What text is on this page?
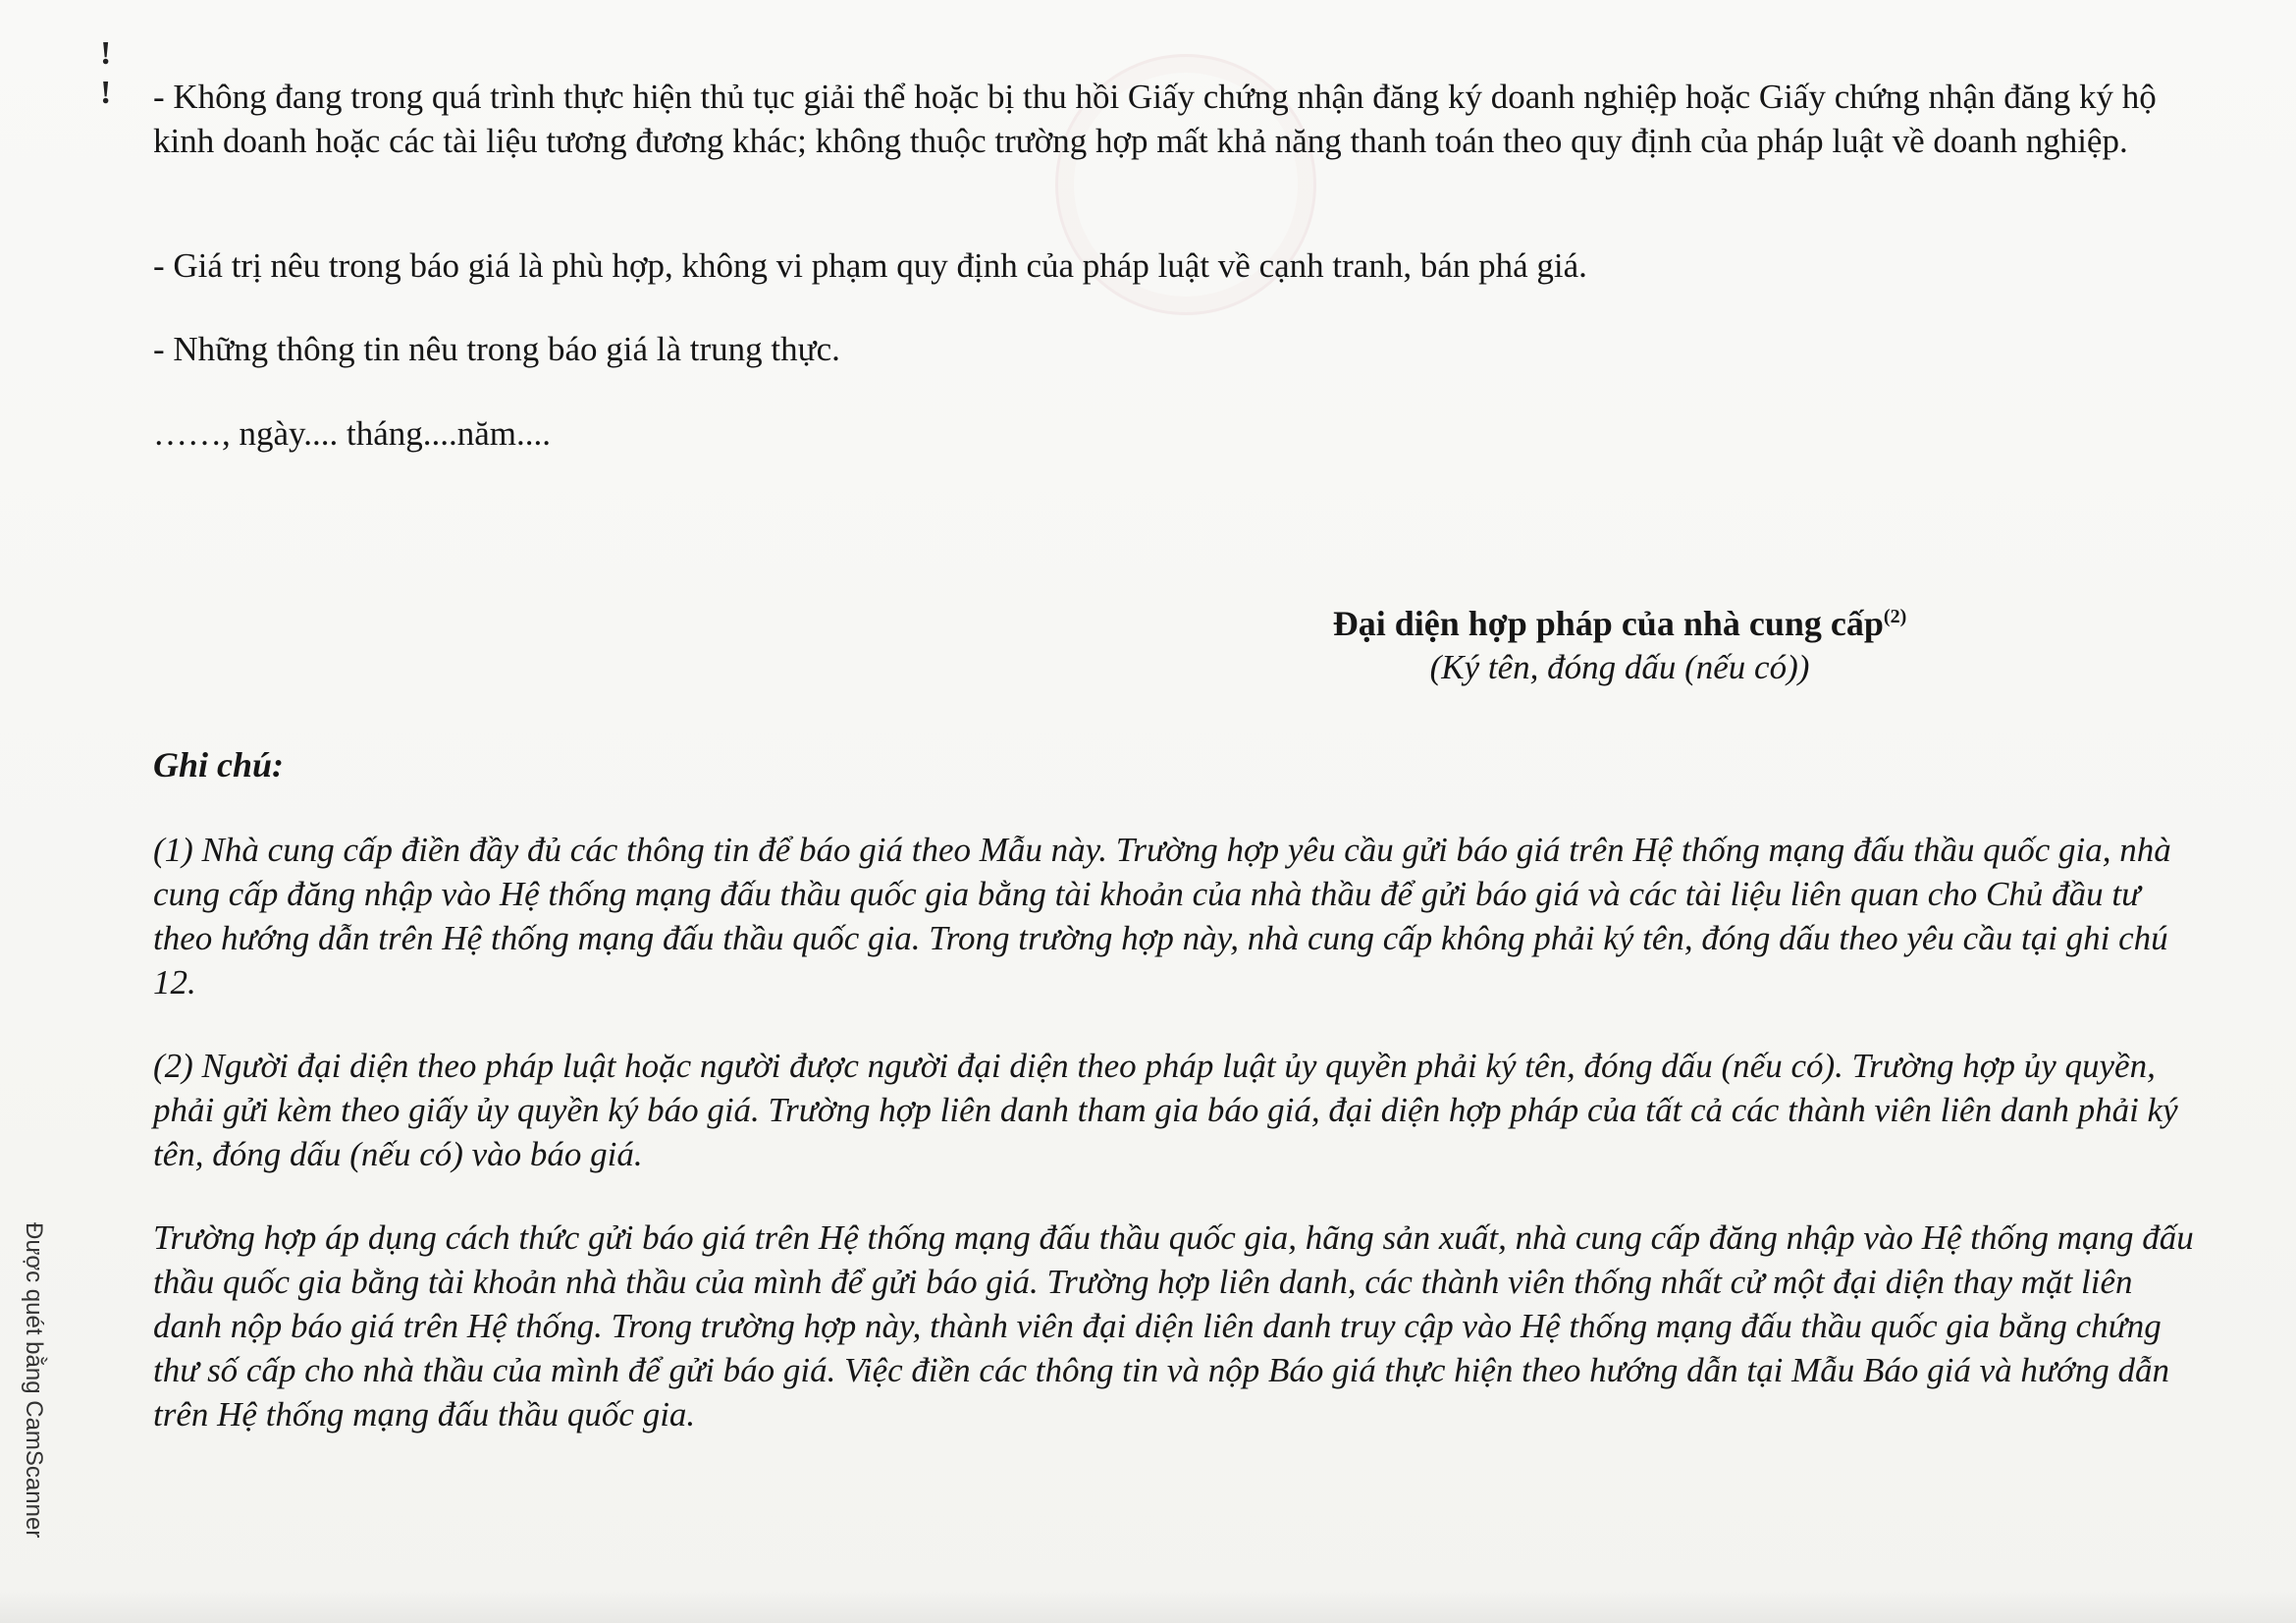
!
! - Không đang trong quá trình thực hiện thủ tục giải thể hoặc bị thu hồi Giấy chứng nhận đăng ký doanh nghiệp hoặc Giấy chứng nhận đăng ký hộ kinh doanh hoặc các tài liệu tương đương khác; không thuộc trường hợp mất khả năng thanh toán theo quy định của pháp luật về doanh nghiệp.

- Giá trị nêu trong báo giá là phù hợp, không vi phạm quy định của pháp luật về cạnh tranh, bán phá giá.

- Những thông tin nêu trong báo giá là trung thực.

……, ngày.... tháng....năm....

Đại diện hợp pháp của nhà cung cấp$^{(2)}$
(Ký tên, đóng dấu (nếu có))
Ghi chú:

(1) Nhà cung cấp điền đầy đủ các thông tin để báo giá theo Mẫu này. Trường hợp yêu cầu gửi báo giá trên Hệ thống mạng đấu thầu quốc gia, nhà cung cấp đăng nhập vào Hệ thống mạng đấu thầu quốc gia bằng tài khoản của nhà thầu để gửi báo giá và các tài liệu liên quan cho Chủ đầu tư theo hướng dẫn trên Hệ thống mạng đấu thầu quốc gia. Trong trường hợp này, nhà cung cấp không phải ký tên, đóng dấu theo yêu cầu tại ghi chú 12.

(2) Người đại diện theo pháp luật hoặc người được người đại diện theo pháp luật ủy quyền phải ký tên, đóng dấu (nếu có). Trường hợp ủy quyền, phải gửi kèm theo giấy ủy quyền ký báo giá. Trường hợp liên danh tham gia báo giá, đại diện hợp pháp của tất cả các thành viên liên danh phải ký tên, đóng dấu (nếu có) vào báo giá.

Trường hợp áp dụng cách thức gửi báo giá trên Hệ thống mạng đấu thầu quốc gia, hãng sản xuất, nhà cung cấp đăng nhập vào Hệ thống mạng đấu thầu quốc gia bằng tài khoản nhà thầu của mình để gửi báo giá. Trường hợp liên danh, các thành viên thống nhất cử một đại diện thay mặt liên danh nộp báo giá trên Hệ thống. Trong trường hợp này, thành viên đại diện liên danh truy cập vào Hệ thống mạng đấu thầu quốc gia bằng chứng thư số cấp cho nhà thầu của mình để gửi báo giá. Việc điền các thông tin và nộp Báo giá thực hiện theo hướng dẫn tại Mẫu Báo giá và hướng dẫn trên Hệ thống mạng đấu thầu quốc gia.

Được quét bằng CamScanner
